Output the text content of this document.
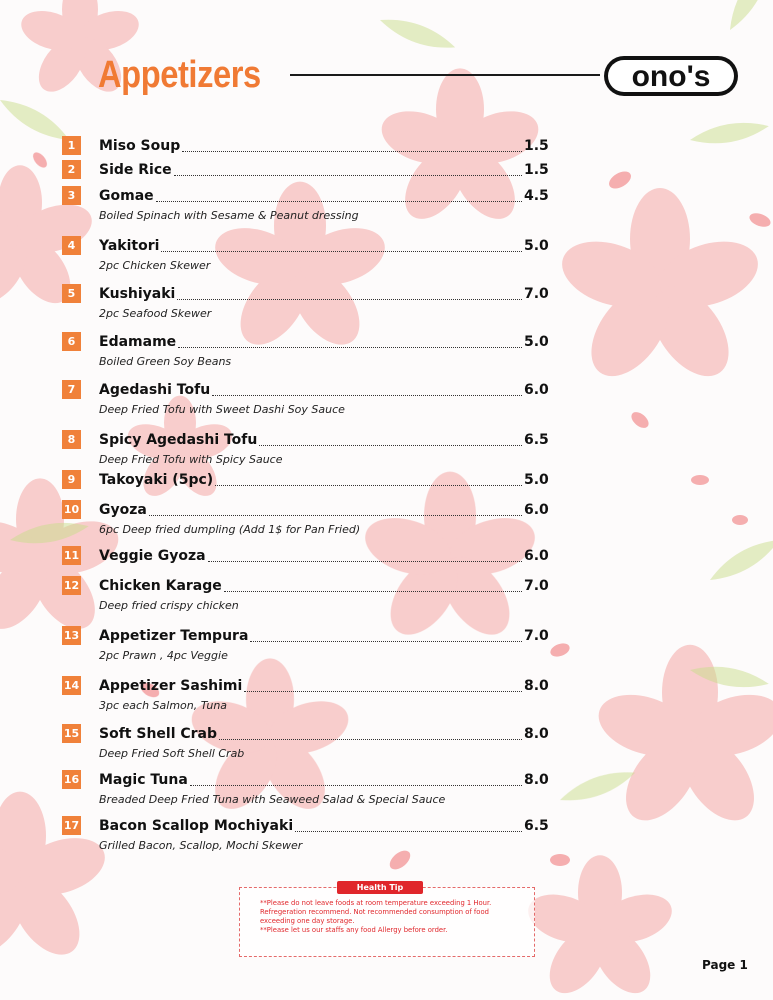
Appetizers	ono's
1	Miso Soup	1.5
2	Side Rice	1.5
3	Gomae	4.5
Boiled Spinach with Sesame & Peanut dressing
4	Yakitori	5.0
2pc Chicken Skewer
5	Kushiyaki	7.0
2pc Seafood Skewer
6	Edamame	5.0
Boiled Green Soy Beans
7	Agedashi Tofu	6.0
Deep Fried Tofu with Sweet Dashi Soy Sauce
8	Spicy Agedashi Tofu	6.5
Deep Fried Tofu with Spicy Sauce
9	Takoyaki (5pc)	5.0
10 Gyoza	6.0
6pc Deep fried dumpling (Add 1$ for Pan Fried)
11 Veggie Gyoza	6.0
12 Chicken Karage	7.0
Deep fried crispy chicken
13 Appetizer Tempura	7.0
2pc Prawn , 4pc Veggie
14 Appetizer Sashimi	8.0
3pc each Salmon, Tuna
15 Soft Shell Crab	8.0
Deep Fried Soft Shell Crab
16 Magic Tuna	8.0
Breaded Deep Fried Tuna with Seaweed Salad & Special Sauce
17 Bacon Scallop Mochiyaki	6.5
Grilled Bacon, Scallop, Mochi Skewer
Health Tip
**Please do not leave foods at room temperature exceeding 1 Hour.
Refregeration recommend. Not recommended consumption of food
exceeding one day storage.
**Please let us our staffs any food Allergy before order.
Page 1
